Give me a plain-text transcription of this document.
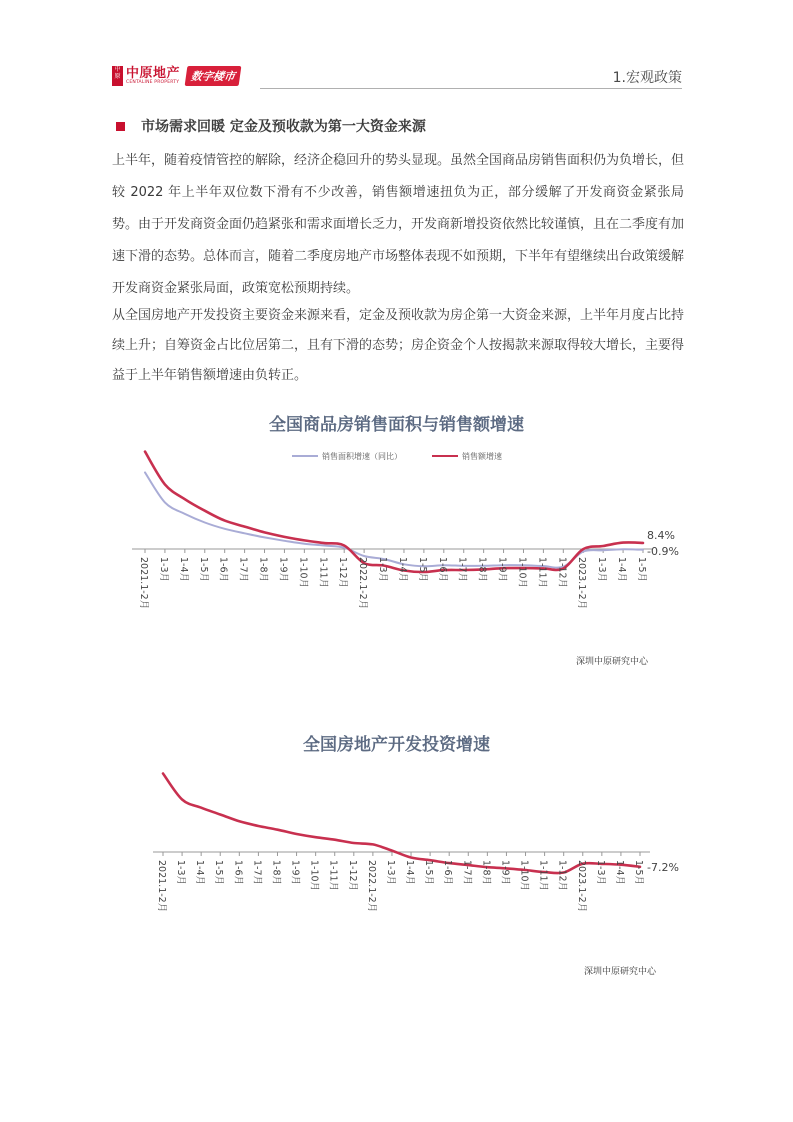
中原 中原地产
CENTALINE PROPERTY 数字楼市	1.宏观政策
市场需求回暖 定金及预收款为第一大资金来源

上半年，随着疫情管控的解除，经济企稳回升的势头显现。虽然全国商品房销售面积仍为负增长，但较 2022 年上半年双位数下滑有不少改善，销售额增速扭负为正，部分缓解了开发商资金紧张局势。由于开发商资金面仍趋紧张和需求面增长乏力，开发商新增投资依然比较谨慎，且在二季度有加速下滑的态势。总体而言，随着二季度房地产市场整体表现不如预期，下半年有望继续出台政策缓解开发商资金紧张局面，政策宽松预期持续。

从全国房地产开发投资主要资金来源来看，定金及预收款为房企第一大资金来源，上半年月度占比持续上升；自筹资金占比位居第二，且有下滑的态势；房企资金个人按揭款来源取得较大增长，主要得益于上半年销售额增速由负转正。

全国商品房销售面积与销售额增速
销售面积增速（同比）	销售额增速
2021.1-2月 1-3月 1-4月 1-5月 1-6月 1-7月 1-8月 1-9月 1-10月 1-11月 1-12月 2022.1-2月 1-3月 1-4月 1-5月 1-6月 1-7月 1-8月 1-9月 1-10月 1-11月 1-12月 2023.1-2月 1-3月 1-4月 1-5月
8.4%
-0.9%
深圳中原研究中心
全国房地产开发投资增速
2021.1-2月 1-3月 1-4月 1-5月 1-6月 1-7月 1-8月 1-9月 1-10月 1-11月 1-12月 2022.1-2月 1-3月 1-4月 1-5月 1-6月 1-7月 1-8月 1-9月 1-10月 1-11月 1-12月 2023.1-2月 1-3月 1-4月 1-5月 -7.2%
深圳中原研究中心
